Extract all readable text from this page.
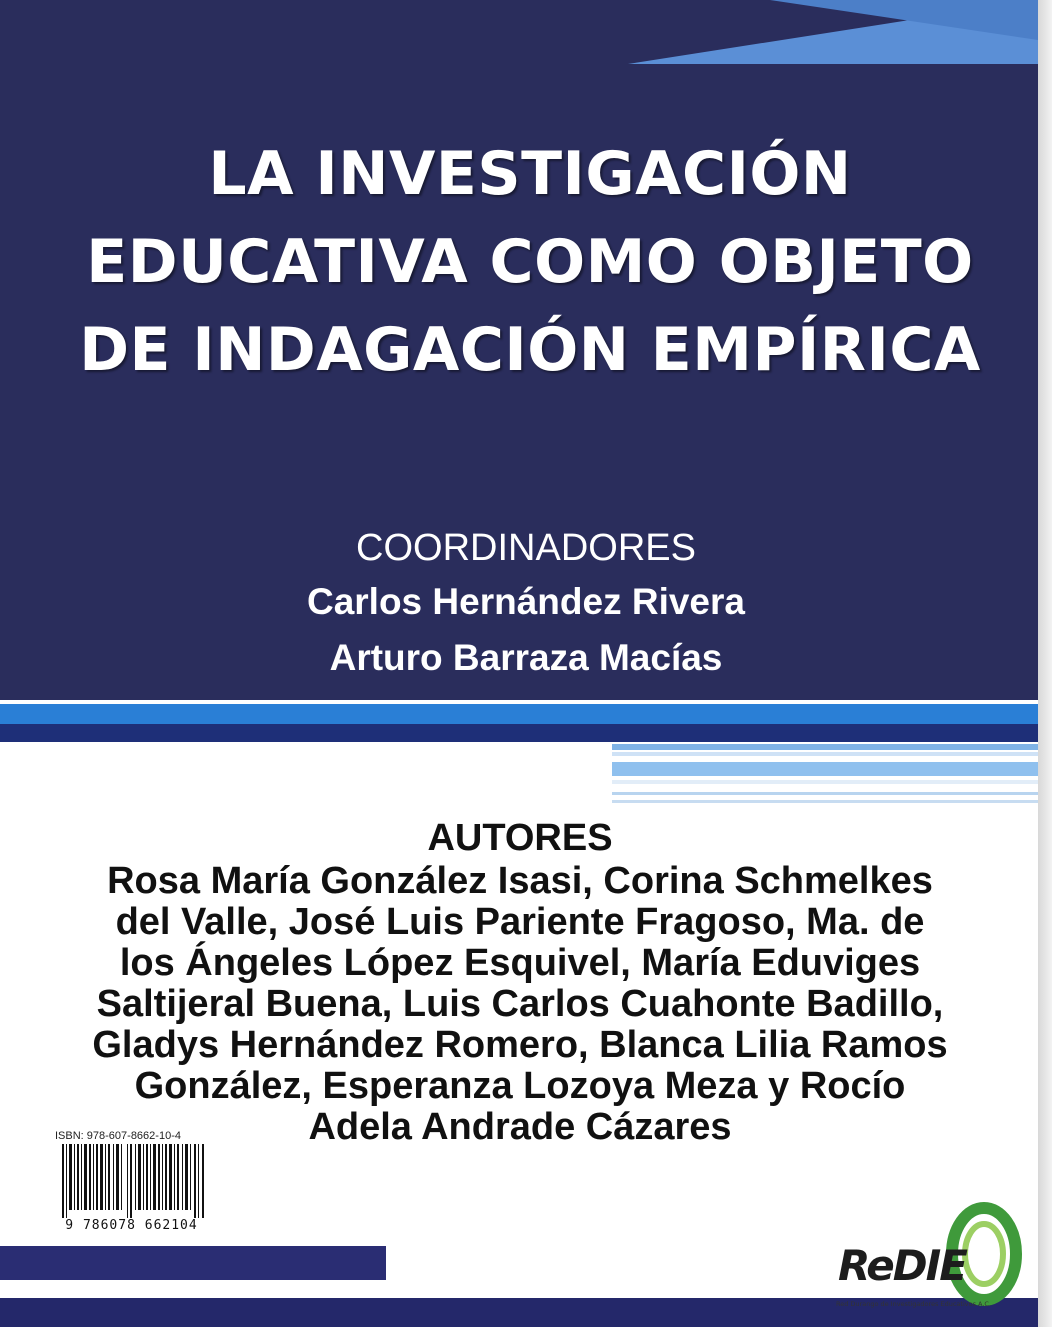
LA INVESTIGACIÓN
EDUCATIVA COMO OBJETO
DE INDAGACIÓN EMPÍRICA
COORDINADORES
Carlos Hernández Rivera
Arturo Barraza Macías
AUTORES
Rosa María González Isasi, Corina Schmelkes
del Valle, José Luis Pariente Fragoso, Ma. de
los Ángeles López Esquivel, María Eduviges
Saltijeral Buena, Luis Carlos Cuahonte Badillo,
Gladys Hernández Romero, Blanca Lilia Ramos
González, Esperanza Lozoya Meza y Rocío
Adela Andrade Cázares
ISBN: 978-607-8662-10-4
9 786078 662104
ReDIE
Red Durango de Investigadores Educativos A.C.
